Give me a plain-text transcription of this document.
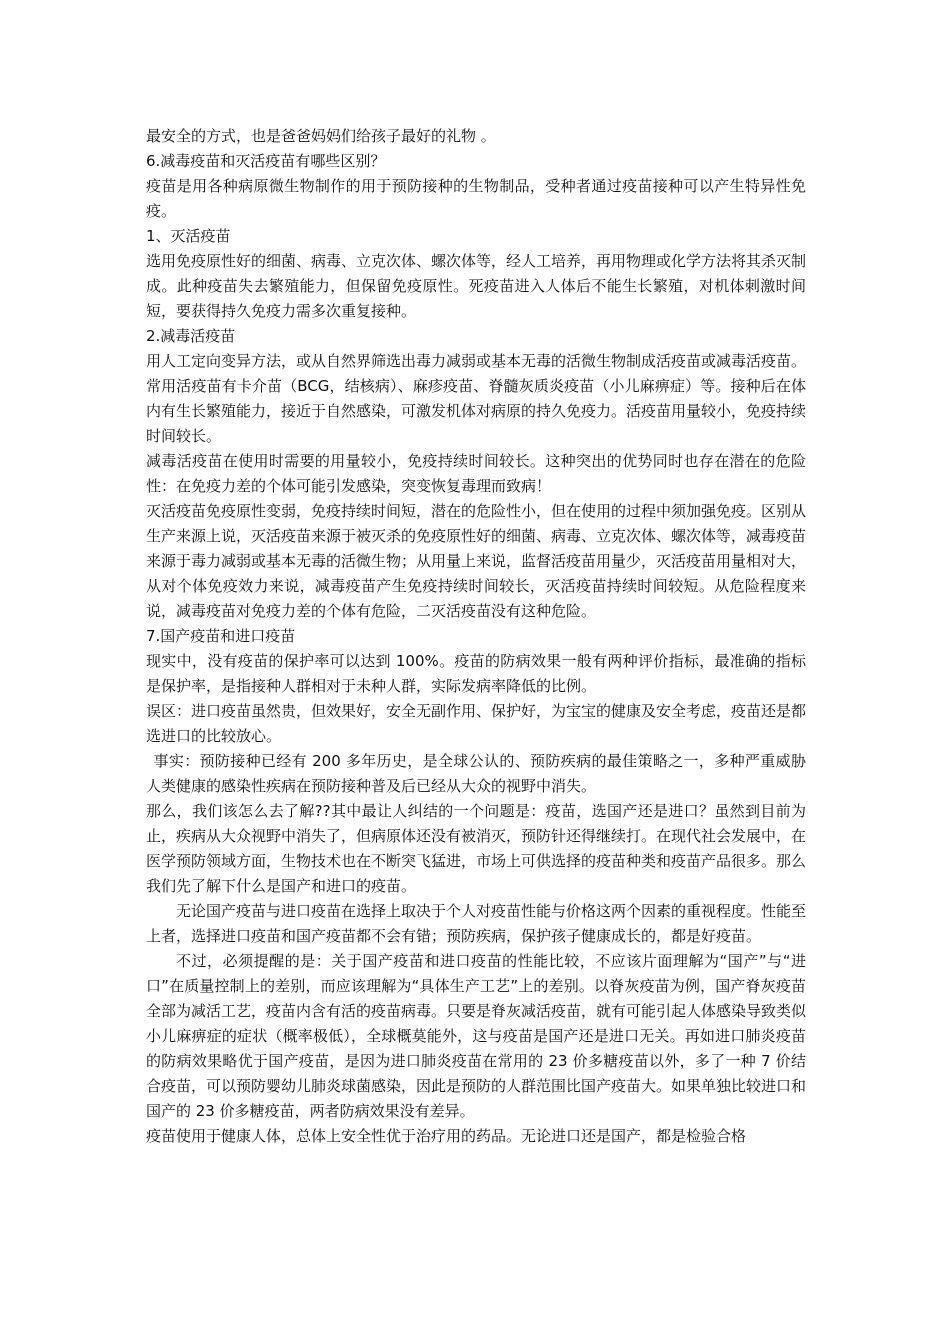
最安全的方式，也是爸爸妈妈们给孩子最好的礼物 。

6.减毒疫苗和灭活疫苗有哪些区别？

疫苗是用各种病原微生物制作的用于预防接种的生物制品，受种者通过疫苗接种可以产生特异性免疫。

1、灭活疫苗

选用免疫原性好的细菌、病毒、立克次体、螺次体等，经人工培养，再用物理或化学方法将其杀灭制成。此种疫苗失去繁殖能力，但保留免疫原性。死疫苗进入人体后不能生长繁殖，对机体刺激时间短，要获得持久免疫力需多次重复接种。

2.减毒活疫苗

用人工定向变异方法，或从自然界筛选出毒力减弱或基本无毒的活微生物制成活疫苗或减毒活疫苗。常用活疫苗有卡介苗（BCG，结核病）、麻疹疫苗、脊髓灰质炎疫苗（小儿麻痹症）等。接种后在体内有生长繁殖能力，接近于自然感染，可激发机体对病原的持久免疫力。活疫苗用量较小，免疫持续时间较长。

减毒活疫苗在使用时需要的用量较小，免疫持续时间较长。这种突出的优势同时也存在潜在的危险性：在免疫力差的个体可能引发感染，突变恢复毒理而致病！

灭活疫苗免疫原性变弱，免疫持续时间短，潜在的危险性小，但在使用的过程中须加强免疫。区别从生产来源上说，灭活疫苗来源于被灭杀的免疫原性好的细菌、病毒、立克次体、螺次体等，减毒疫苗来源于毒力减弱或基本无毒的活微生物；从用量上来说，监督活疫苗用量少，灭活疫苗用量相对大，从对个体免疫效力来说，减毒疫苗产生免疫持续时间较长，灭活疫苗持续时间较短。从危险程度来说，减毒疫苗对免疫力差的个体有危险，二灭活疫苗没有这种危险。

7.国产疫苗和进口疫苗

现实中，没有疫苗的保护率可以达到 100%。疫苗的防病效果一般有两种评价指标，最准确的指标是保护率，是指接种人群相对于未种人群，实际发病率降低的比例。

误区：进口疫苗虽然贵，但效果好，安全无副作用、保护好，为宝宝的健康及安全考虑，疫苗还是都选进口的比较放心。

事实：预防接种已经有 200 多年历史，是全球公认的、预防疾病的最佳策略之一，多种严重威胁人类健康的感染性疾病在预防接种普及后已经从大众的视野中消失。

那么，我们该怎么去了解??其中最让人纠结的一个问题是：疫苗，选国产还是进口？虽然到目前为止，疾病从大众视野中消失了，但病原体还没有被消灭，预防针还得继续打。在现代社会发展中，在医学预防领域方面，生物技术也在不断突飞猛进，市场上可供选择的疫苗种类和疫苗产品很多。那么我们先了解下什么是国产和进口的疫苗。

无论国产疫苗与进口疫苗在选择上取决于个人对疫苗性能与价格这两个因素的重视程度。性能至上者，选择进口疫苗和国产疫苗都不会有错；预防疾病，保护孩子健康成长的，都是好疫苗。

不过，必须提醒的是：关于国产疫苗和进口疫苗的性能比较，不应该片面理解为“国产”与“进口”在质量控制上的差别，而应该理解为“具体生产工艺”上的差别。以脊灰疫苗为例，国产脊灰疫苗全部为减活工艺，疫苗内含有活的疫苗病毒。只要是脊灰减活疫苗，就有可能引起人体感染导致类似小儿麻痹症的症状（概率极低），全球概莫能外，这与疫苗是国产还是进口无关。再如进口肺炎疫苗的防病效果略优于国产疫苗，是因为进口肺炎疫苗在常用的 23 价多糖疫苗以外，多了一种 7 价结合疫苗，可以预防婴幼儿肺炎球菌感染，因此是预防的人群范围比国产疫苗大。如果单独比较进口和国产的 23 价多糖疫苗，两者防病效果没有差异。

疫苗使用于健康人体，总体上安全性优于治疗用的药品。无论进口还是国产，都是检验合格
